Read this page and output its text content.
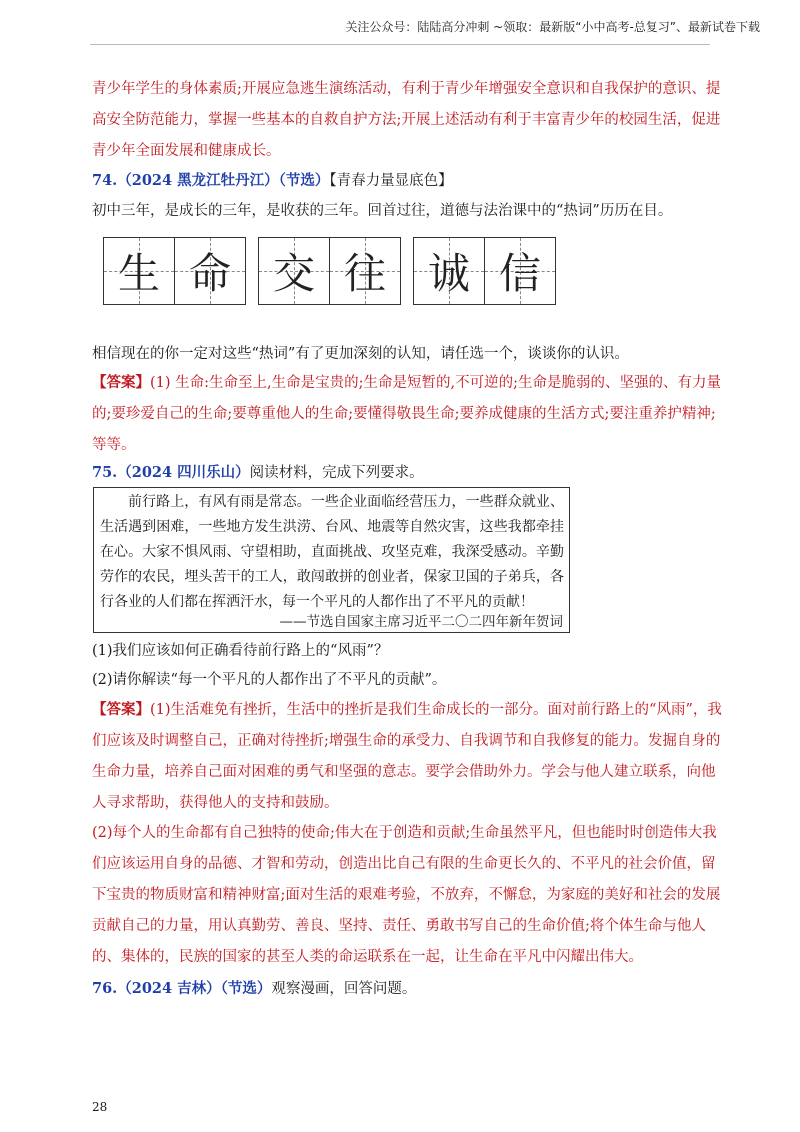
关注公众号：陆陆高分冲刺 ~领取：最新版“小中高考-总复习”、最新试卷下载
青少年学生的身体素质;开展应急逃生演练活动，有利于青少年增强安全意识和自我保护的意识、提高安全防范能力，掌握一些基本的自救自护方法;开展上述活动有利于丰富青少年的校园生活，促进青少年全面发展和健康成长。
74.（2024 黑龙江牡丹江）（节选）【青春力量显底色】
初中三年，是成长的三年，是收获的三年。回首过往，道德与法治课中的“热词”历历在目。
生 命 交 往 诚 信
相信现在的你一定对这些“热词”有了更加深刻的认知，请任选一个，谈谈你的认识。
【答案】(1) 生命:生命至上,生命是宝贵的;生命是短暂的,不可逆的;生命是脆弱的、坚强的、有力量的;要珍爱自己的生命;要尊重他人的生命;要懂得敬畏生命;要养成健康的生活方式;要注重养护精神;等等。
75.（2024 四川乐山）阅读材料，完成下列要求。
前行路上，有风有雨是常态。一些企业面临经营压力，一些群众就业、生活遇到困难，一些地方发生洪涝、台风、地震等自然灾害，这些我都牵挂在心。大家不惧风雨、守望相助，直面挑战、攻坚克难，我深受感动。辛勤劳作的农民，埋头苦干的工人，敢闯敢拼的创业者，保家卫国的子弟兵，各行各业的人们都在挥洒汗水，每一个平凡的人都作出了不平凡的贡献！
——节选自国家主席习近平二〇二四年新年贺词
(1)我们应该如何正确看待前行路上的“风雨”？
(2)请你解读“每一个平凡的人都作出了不平凡的贡献”。
【答案】(1)生活难免有挫折，生活中的挫折是我们生命成长的一部分。面对前行路上的“风雨”，我们应该及时调整自己，正确对待挫折;增强生命的承受力、自我调节和自我修复的能力。发掘自身的生命力量，培养自己面对困难的勇气和坚强的意志。要学会借助外力。学会与他人建立联系，向他人寻求帮助，获得他人的支持和鼓励。
(2)每个人的生命都有自己独特的使命;伟大在于创造和贡献;生命虽然平凡，但也能时时创造伟大我们应该运用自身的品德、才智和劳动，创造出比自己有限的生命更长久的、不平凡的社会价值，留下宝贵的物质财富和精神财富;面对生活的艰难考验，不放弃，不懈怠，为家庭的美好和社会的发展贡献自己的力量，用认真勤劳、善良、坚持、责任、勇敢书写自己的生命价值;将个体生命与他人的、集体的，民族的国家的甚至人类的命运联系在一起，让生命在平凡中闪耀出伟大。
76.（2024 吉林）（节选）观察漫画，回答问题。
28
